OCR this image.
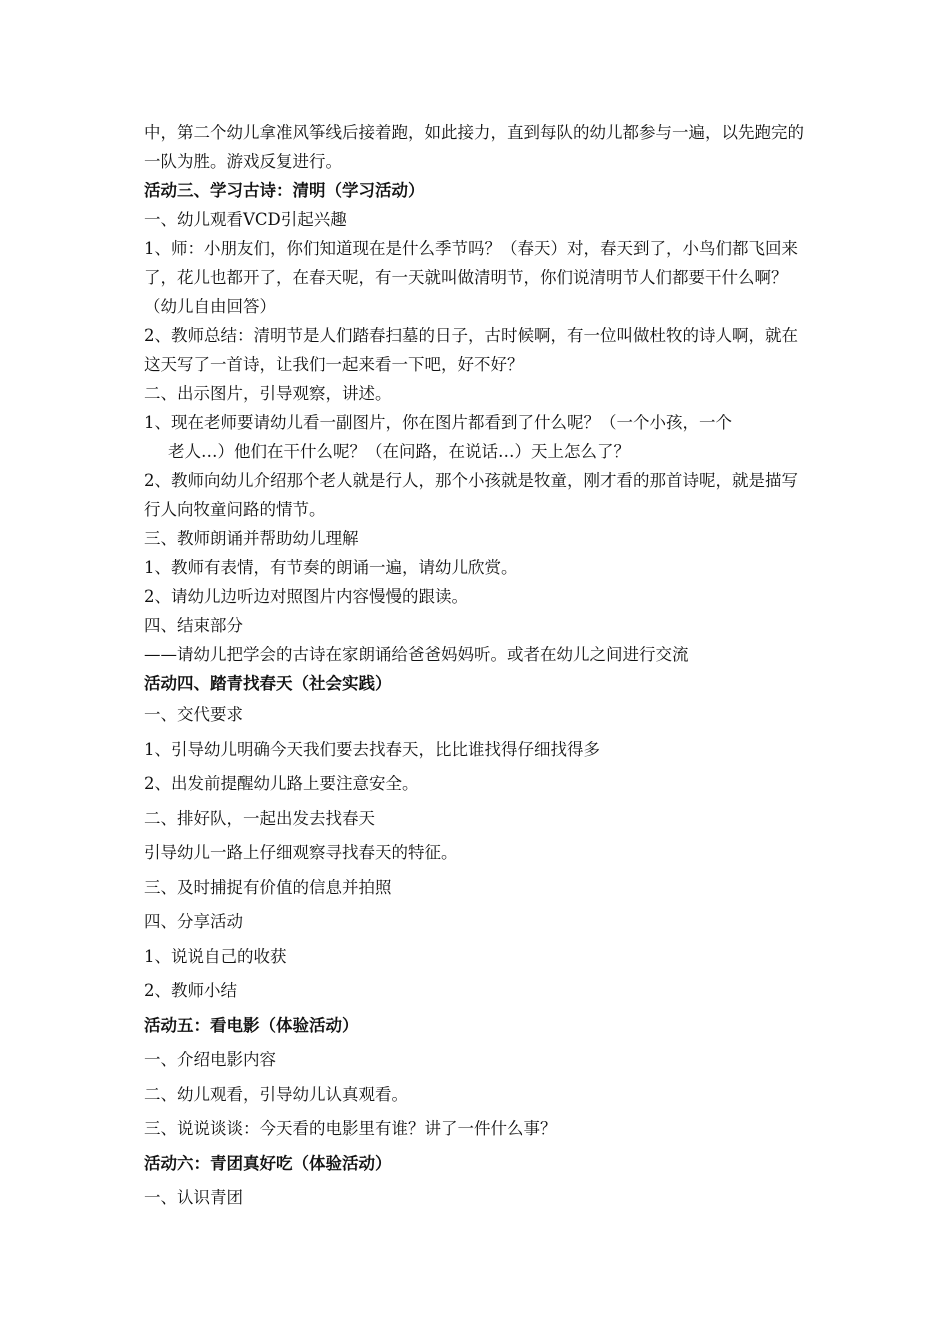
中，第二个幼儿拿准风筝线后接着跑，如此接力，直到每队的幼儿都参与一遍，以先跑完的一队为胜。游戏反复进行。

活动三、学习古诗：清明（学习活动）

一、幼儿观看VCD引起兴趣

1、师：小朋友们，你们知道现在是什么季节吗？（春天）对，春天到了，小鸟们都飞回来了，花儿也都开了，在春天呢，有一天就叫做清明节，你们说清明节人们都要干什么啊？（幼儿自由回答）

2、教师总结：清明节是人们踏春扫墓的日子，古时候啊，有一位叫做杜牧的诗人啊，就在这天写了一首诗，让我们一起来看一下吧，好不好？

二、出示图片，引导观察，讲述。

1、现在老师要请幼儿看一副图片，你在图片都看到了什么呢？（一个小孩，一个

老人…）他们在干什么呢？（在问路，在说话…）天上怎么了？

2、教师向幼儿介绍那个老人就是行人，那个小孩就是牧童，刚才看的那首诗呢，就是描写行人向牧童问路的情节。

三、教师朗诵并帮助幼儿理解

1、教师有表情，有节奏的朗诵一遍，请幼儿欣赏。

2、请幼儿边听边对照图片内容慢慢的跟读。

四、结束部分

——请幼儿把学会的古诗在家朗诵给爸爸妈妈听。或者在幼儿之间进行交流

活动四、踏青找春天（社会实践）

一、交代要求

1、引导幼儿明确今天我们要去找春天，比比谁找得仔细找得多

2、出发前提醒幼儿路上要注意安全。

二、排好队，一起出发去找春天

引导幼儿一路上仔细观察寻找春天的特征。

三、及时捕捉有价值的信息并拍照

四、分享活动

1、说说自己的收获

2、教师小结

活动五：看电影（体验活动）

一、介绍电影内容

二、幼儿观看，引导幼儿认真观看。

三、说说谈谈：今天看的电影里有谁？讲了一件什么事？

活动六：青团真好吃（体验活动）

一、认识青团
